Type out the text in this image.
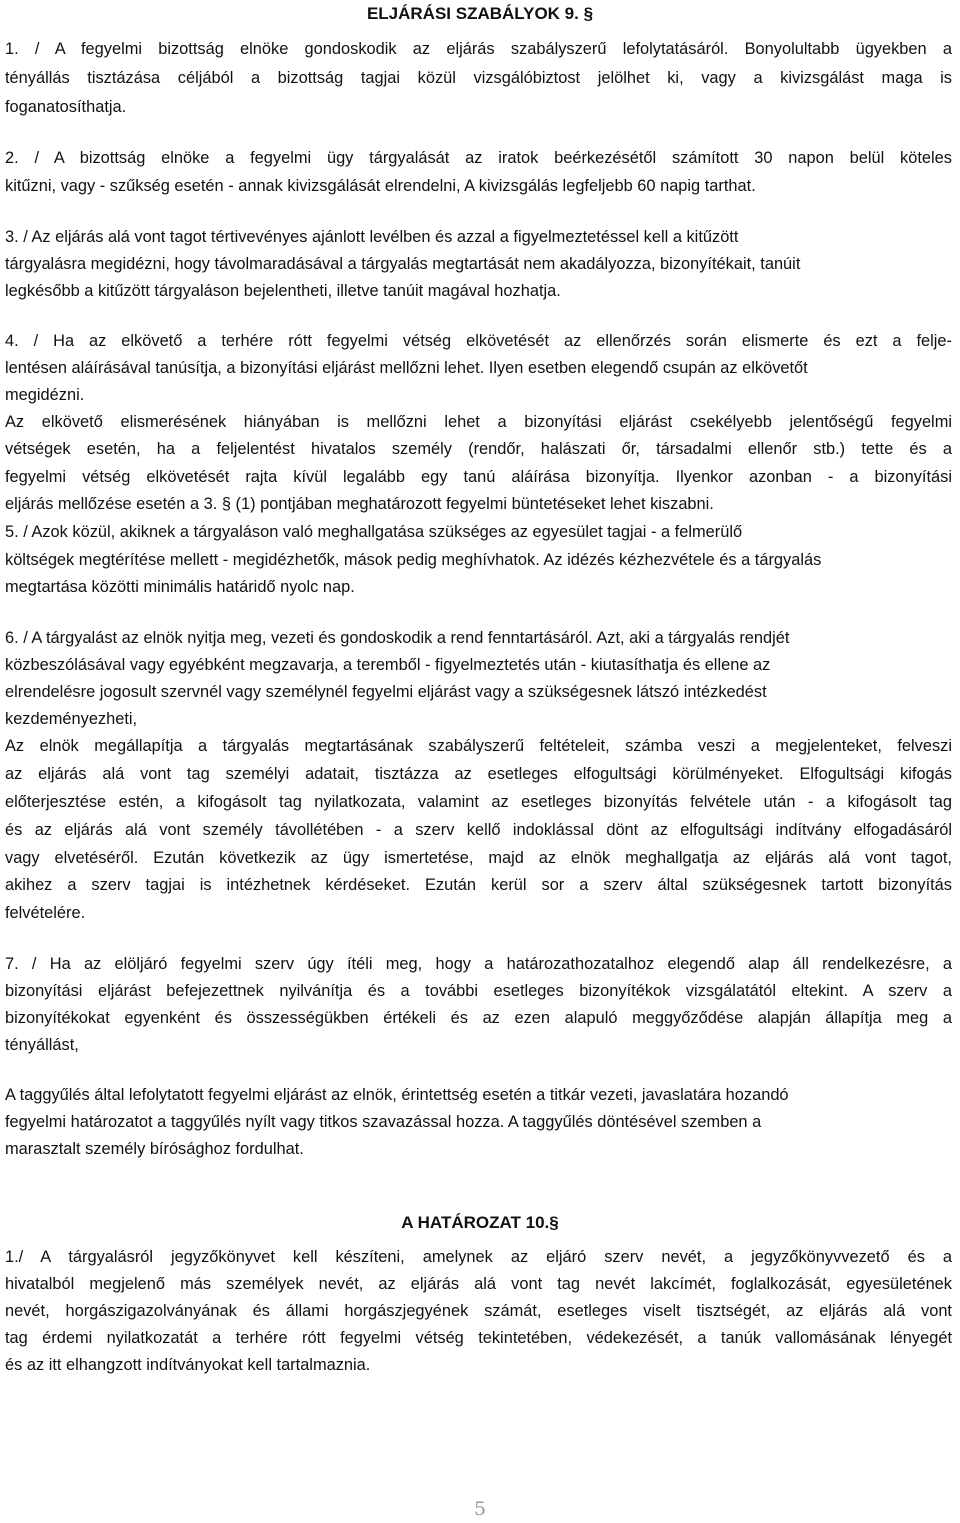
ELJÁRÁSI SZABÁLYOK 9. §
1. / A fegyelmi bizottság elnöke gondoskodik az eljárás szabályszerű lefolytatásáról. Bonyolultabb ügyekben a
tényállás tisztázása céljából a bizottság tagjai közül vizsgálóbiztost jelölhet ki, vagy a kivizsgálást maga is
foganatosíthatja.
2. / A bizottság elnöke a fegyelmi ügy tárgyalását az iratok beérkezésétől számított 30 napon belül köteles
kitűzni, vagy - szűkség esetén - annak kivizsgálását elrendelni, A kivizsgálás legfeljebb 60 napig tarthat.
3. / Az eljárás alá vont tagot tértivevényes ajánlott levélben és azzal a figyelmeztetéssel kell a kitűzött
tárgyalásra megidézni, hogy távolmaradásával a tárgyalás megtartását nem akadályozza, bizonyítékait, tanúit
legkésőbb a kitűzött tárgyaláson bejelentheti, illetve tanúit magával hozhatja.
4. / Ha az elkövető a terhére rótt fegyelmi vétség elkövetését az ellenőrzés során elismerte és ezt a felje-
lentésen aláírásával tanúsítja, a bizonyítási eljárást mellőzni lehet. Ilyen esetben elegendő csupán az elkövetőt
megidézni.
Az elkövető elismerésének hiányában is mellőzni lehet a bizonyítási eljárást csekélyebb jelentőségű fegyelmi
vétségek esetén, ha a feljelentést hivatalos személy (rendőr, halászati őr, társadalmi ellenőr stb.) tette és a
fegyelmi vétség elkövetését rajta kívül legalább egy tanú aláírása bizonyítja. Ilyenkor azonban - a bizonyítási
eljárás mellőzése esetén a 3. § (1) pontjában meghatározott fegyelmi büntetéseket lehet kiszabni.
5. / Azok közül, akiknek a tárgyaláson való meghallgatása szükséges az egyesület tagjai - a felmerülő
költségek megtérítése mellett - megidézhetők, mások pedig meghívhatok. Az idézés kézhezvétele és a tárgyalás
megtartása közötti minimális határidő nyolc nap.
6. / A tárgyalást az elnök nyitja meg, vezeti és gondoskodik a rend fenntartásáról. Azt, aki a tárgyalás rendjét
közbeszólásával vagy egyébként megzavarja, a teremből - figyelmeztetés után - kiutasíthatja és ellene az
elrendelésre jogosult szervnél vagy személynél fegyelmi eljárást vagy a szükségesnek látszó intézkedést
kezdeményezheti,
Az elnök megállapítja a tárgyalás megtartásának szabályszerű feltételeit, számba veszi a megjelenteket, felveszi
az eljárás alá vont tag személyi adatait, tisztázza az esetleges elfogultsági körülményeket. Elfogultsági kifogás
előterjesztése estén, a kifogásolt tag nyilatkozata, valamint az esetleges bizonyítás felvétele után - a kifogásolt tag
és az eljárás alá vont személy távollétében - a szerv kellő indoklással dönt az elfogultsági indítvány elfogadásáról
vagy elvetéséről. Ezután következik az ügy ismertetése, majd az elnök meghallgatja az eljárás alá vont tagot,
akihez a szerv tagjai is intézhetnek kérdéseket. Ezután kerül sor a szerv által szükségesnek tartott bizonyítás
felvételére.
7. / Ha az elöljáró fegyelmi szerv úgy ítéli meg, hogy a határozathozatalhoz elegendő alap áll rendelkezésre, a
bizonyítási eljárást befejezettnek nyilvánítja és a további esetleges bizonyítékok vizsgálatától eltekint. A szerv a
bizonyítékokat egyenként és összességükben értékeli és az ezen alapuló meggyőződése alapján állapítja meg a
tényállást,
A taggyűlés által lefolytatott fegyelmi eljárást az elnök, érintettség esetén a titkár vezeti, javaslatára hozandó
fegyelmi határozatot a taggyűlés nyílt vagy titkos szavazással hozza. A taggyűlés döntésével szemben a
marasztalt személy bírósághoz fordulhat.
A HATÁROZAT 10.§
1./ A tárgyalásról jegyzőkönyvet kell készíteni, amelynek az eljáró szerv nevét, a jegyzőkönyvvezető és a
hivatalból megjelenő más személyek nevét, az eljárás alá vont tag nevét lakcímét, foglalkozását, egyesületének
nevét, horgászigazolványának és állami horgászjegyének számát, esetleges viselt tisztségét, az eljárás alá vont
tag érdemi nyilatkozatát a terhére rótt fegyelmi vétség tekintetében, védekezését, a tanúk vallomásának lényegét
és az itt elhangzott indítványokat kell tartalmaznia.
5
